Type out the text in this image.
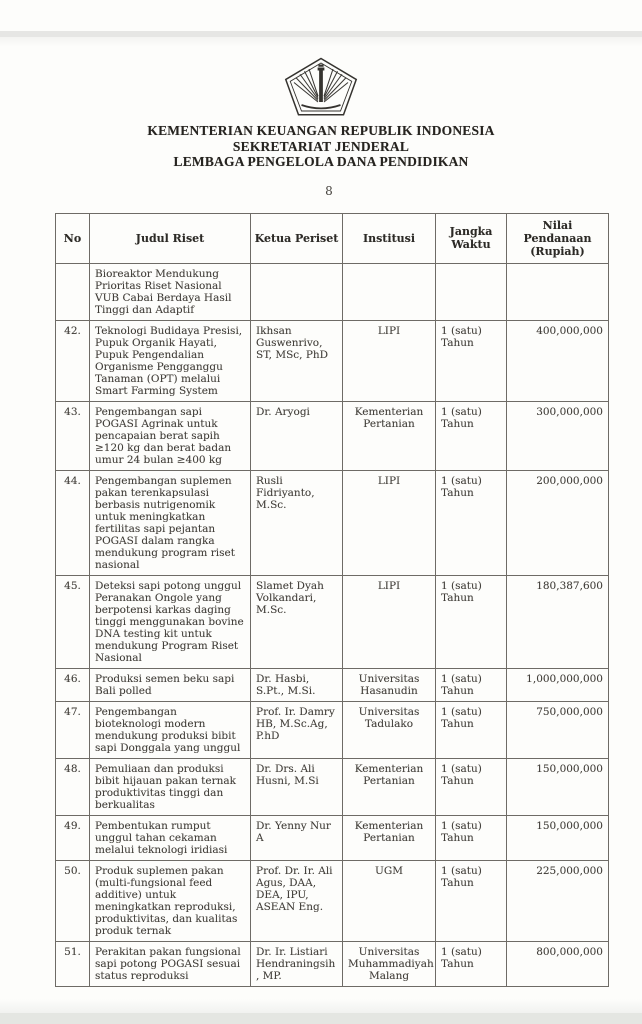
KEMENTERIAN KEUANGAN REPUBLIK INDONESIA
SEKRETARIAT JENDERAL
LEMBAGA PENGELOLA DANA PENDIDIKAN
8
No	Judul Riset	Ketua Periset	Institusi	Jangka Waktu	Nilai Pendanaan (Rupiah)
	Bioreaktor Mendukung Prioritas Riset Nasional VUB Cabai Berdaya Hasil Tinggi dan Adaptif				
42.	Teknologi Budidaya Presisi, Pupuk Organik Hayati, Pupuk Pengendalian Organisme Pengganggu Tanaman (OPT) melalui Smart Farming System	Ikhsan Guswenrivo, ST, MSc, PhD	LIPI	1 (satu) Tahun	400,000,000
43.	Pengembangan sapi POGASI Agrinak untuk pencapaian berat sapih ≥120 kg dan berat badan umur 24 bulan ≥400 kg	Dr. Aryogi	Kementerian Pertanian	1 (satu) Tahun	300,000,000
44.	Pengembangan suplemen pakan terenkapsulasi berbasis nutrigenomik untuk meningkatkan fertilitas sapi pejantan POGASI dalam rangka mendukung program riset nasional	Rusli Fidriyanto, M.Sc.	LIPI	1 (satu) Tahun	200,000,000
45.	Deteksi sapi potong unggul Peranakan Ongole yang berpotensi karkas daging tinggi menggunakan bovine DNA testing kit untuk mendukung Program Riset Nasional	Slamet Dyah Volkandari, M.Sc.	LIPI	1 (satu) Tahun	180,387,600
46.	Produksi semen beku sapi Bali polled	Dr. Hasbi, S.Pt., M.Si.	Universitas Hasanudin	1 (satu) Tahun	1,000,000,000
47.	Pengembangan bioteknologi modern mendukung produksi bibit sapi Donggala yang unggul	Prof. Ir. Damry HB, M.Sc.Ag, P.hD	Universitas Tadulako	1 (satu) Tahun	750,000,000
48.	Pemuliaan dan produksi bibit hijauan pakan ternak produktivitas tinggi dan berkualitas	Dr. Drs. Ali Husni, M.Si	Kementerian Pertanian	1 (satu) Tahun	150,000,000
49.	Pembentukan rumput unggul tahan cekaman melalui teknologi iridiasi	Dr. Yenny Nur A	Kementerian Pertanian	1 (satu) Tahun	150,000,000
50.	Produk suplemen pakan (multi-fungsional feed additive) untuk meningkatkan reproduksi, produktivitas, dan kualitas produk ternak	Prof. Dr. Ir. Ali Agus, DAA, DEA, IPU, ASEAN Eng.	UGM	1 (satu) Tahun	225,000,000
51.	Perakitan pakan fungsional sapi potong POGASI sesuai status reproduksi	Dr. Ir. Listiari Hendraningsih , MP.	Universitas Muhammadiyah Malang	1 (satu) Tahun	800,000,000
